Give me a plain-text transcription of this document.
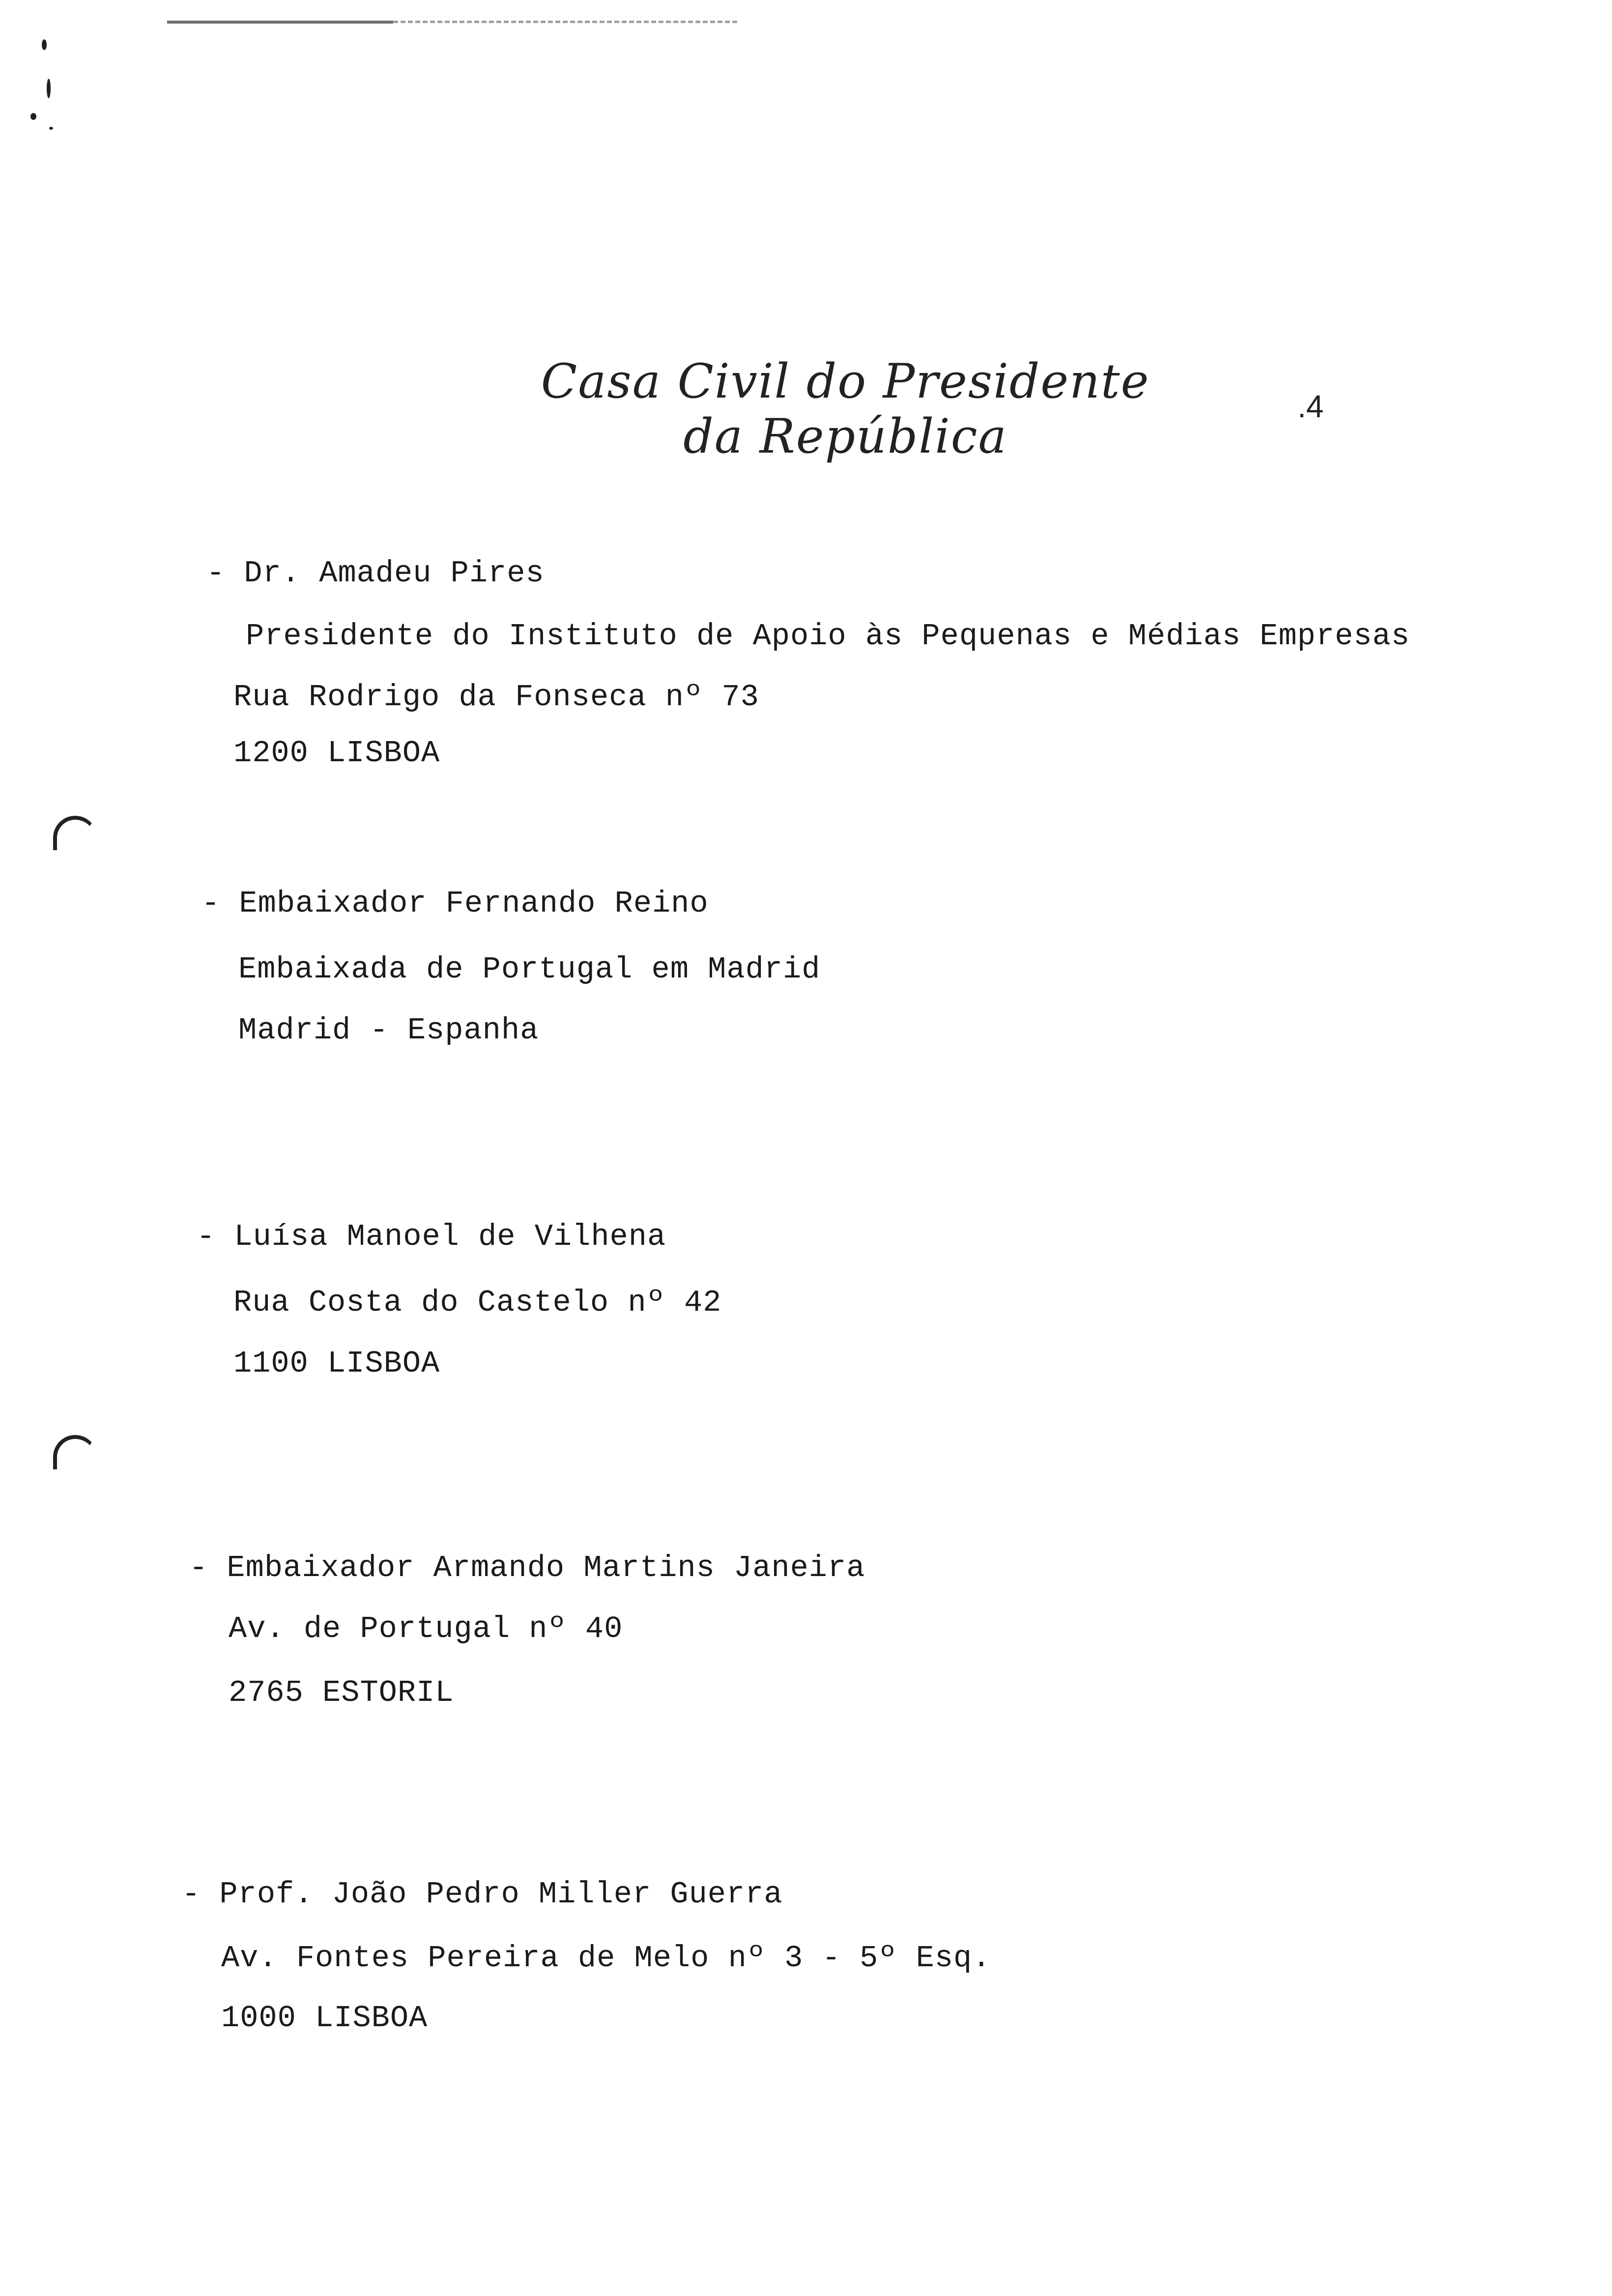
Casa Civil do Presidente da República
.4
- Dr. Amadeu Pires
Presidente do Instituto de Apoio às Pequenas e Médias Empresas
Rua Rodrigo da Fonseca nº 73
1200 LISBOA
- Embaixador Fernando Reino
Embaixada de Portugal em Madrid
Madrid - Espanha
- Luísa Manoel de Vilhena
Rua Costa do Castelo nº 42
1100 LISBOA
- Embaixador Armando Martins Janeira
Av. de Portugal nº 40
2765 ESTORIL
- Prof. João Pedro Miller Guerra
Av. Fontes Pereira de Melo nº 3 - 5º Esq.
1000 LISBOA
